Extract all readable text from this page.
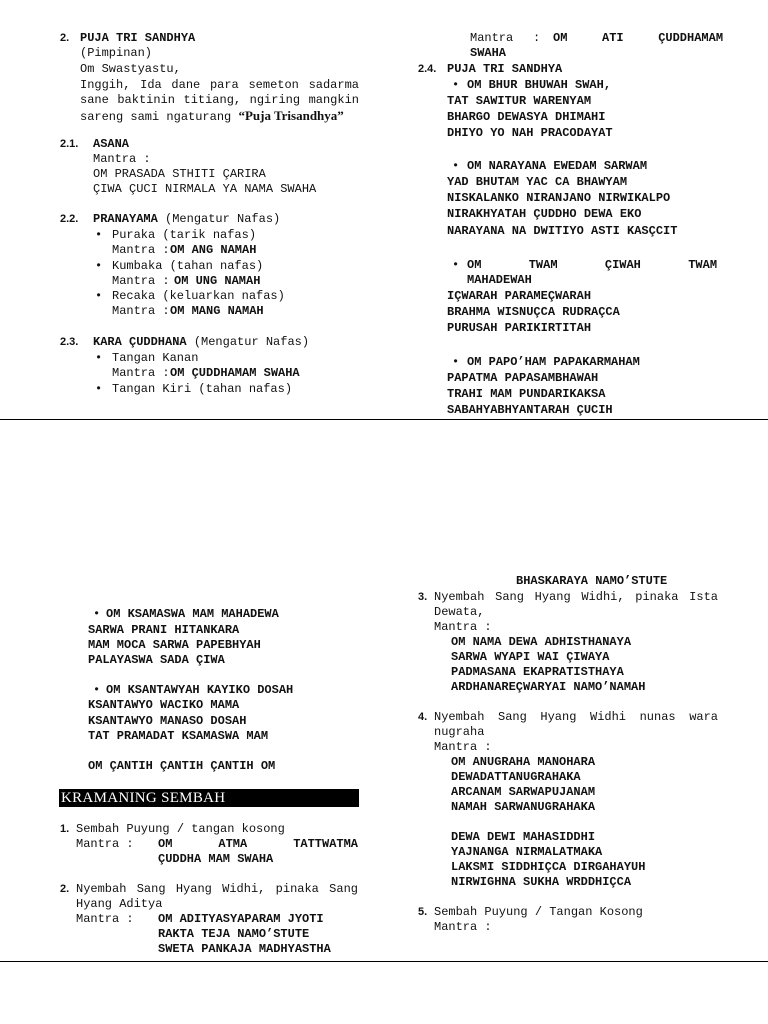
2. PUJA TRI SANDHYA
(Pimpinan)
Om Swastyastu,
Inggih, Ida dane para semeton sadarma
sane baktinin titiang, ngiring mangkin
sareng sami ngaturang “Puja Trisandhya”
2.1. ASANA
Mantra :
OM PRASADA STHITI ÇARIRA
ÇIWA ÇUCI NIRMALA YA NAMA SWAHA
2.2. PRANAYAMA (Mengatur Nafas)
• Puraka (tarik nafas)
Mantra : OM ANG NAMAH
• Kumbaka (tahan nafas)
Mantra : OM UNG NAMAH
• Recaka (keluarkan nafas)
Mantra : OM MANG NAMAH
2.3. KARA ÇUDDHANA (Mengatur Nafas)
• Tangan Kanan
Mantra : OM ÇUDDHAMAM SWAHA
• Tangan Kiri (tahan nafas)
Mantra : OM	ATI	ÇUDDHAMAM
SWAHA
2.4. PUJA TRI SANDHYA
• OM BHUR BHUWAH SWAH,
TAT SAWITUR WARENYAM
BHARGO DEWASYA DHIMAHI
DHIYO YO NAH PRACODAYAT
• OM NARAYANA EWEDAM SARWAM
YAD BHUTAM YAC CA BHAWYAM
NISKALANKO NIRANJANO NIRWIKALPO
NIRAKHYATAH ÇUDDHO DEWA EKO
NARAYANA NA DWITIYO ASTI KASÇCIT
• OM	TWAM	ÇIWAH	TWAM
MAHADEWAH
IÇWARAH PARAMEÇWARAH
BRAHMA WISNUÇCA RUDRAÇCA
PURUSAH PARIKIRTITAH
• OM PAPO’HAM PAPAKARMAHAM
PAPATMA PAPASAMBHAWAH
TRAHI MAM PUNDARIKAKSA
SABAHYABHYANTARAH ÇUCIH
• OM KSAMASWA MAM MAHADEWA
SARWA PRANI HITANKARA
MAM MOCA SARWA PAPEBHYAH
PALAYASWA SADA ÇIWA
• OM KSANTAWYAH KAYIKO DOSAH
KSANTAWYO WACIKO MAMA
KSANTAWYO MANASO DOSAH
TAT PRAMADAT KSAMASWA MAM
OM ÇANTIH ÇANTIH ÇANTIH OM
KRAMANING SEMBAH
1. Sembah Puyung / tangan kosong
Mantra : OM	ATMA	TATTWATMA
ÇUDDHA MAM SWAHA
2. Nyembah Sang Hyang Widhi, pinaka Sang
Hyang Aditya
Mantra : OM ADITYASYAPARAM JYOTI
RAKTA TEJA NAMO’STUTE
SWETA PANKAJA MADHYASTHA
BHASKARAYA NAMO’STUTE
3. Nyembah Sang Hyang Widhi, pinaka Ista
Dewata,
Mantra :
OM NAMA DEWA ADHISTHANAYA
SARWA WYAPI WAI ÇIWAYA
PADMASANA EKAPRATISTHAYA
ARDHANAREÇWARYAI NAMO’NAMAH
4. Nyembah Sang Hyang Widhi nunas wara
nugraha
Mantra :
OM ANUGRAHA MANOHARA
DEWADATTANUGRAHAKA
ARCANAM SARWAPUJANAM
NAMAH SARWANUGRAHAKA
DEWA DEWI MAHASIDDHI
YAJNANGA NIRMALATMAKA
LAKSMI SIDDHIÇCA DIRGAHAYUH
NIRWIGHNA SUKHA WRDDHIÇCA
5. Sembah Puyung / Tangan Kosong
Mantra :
